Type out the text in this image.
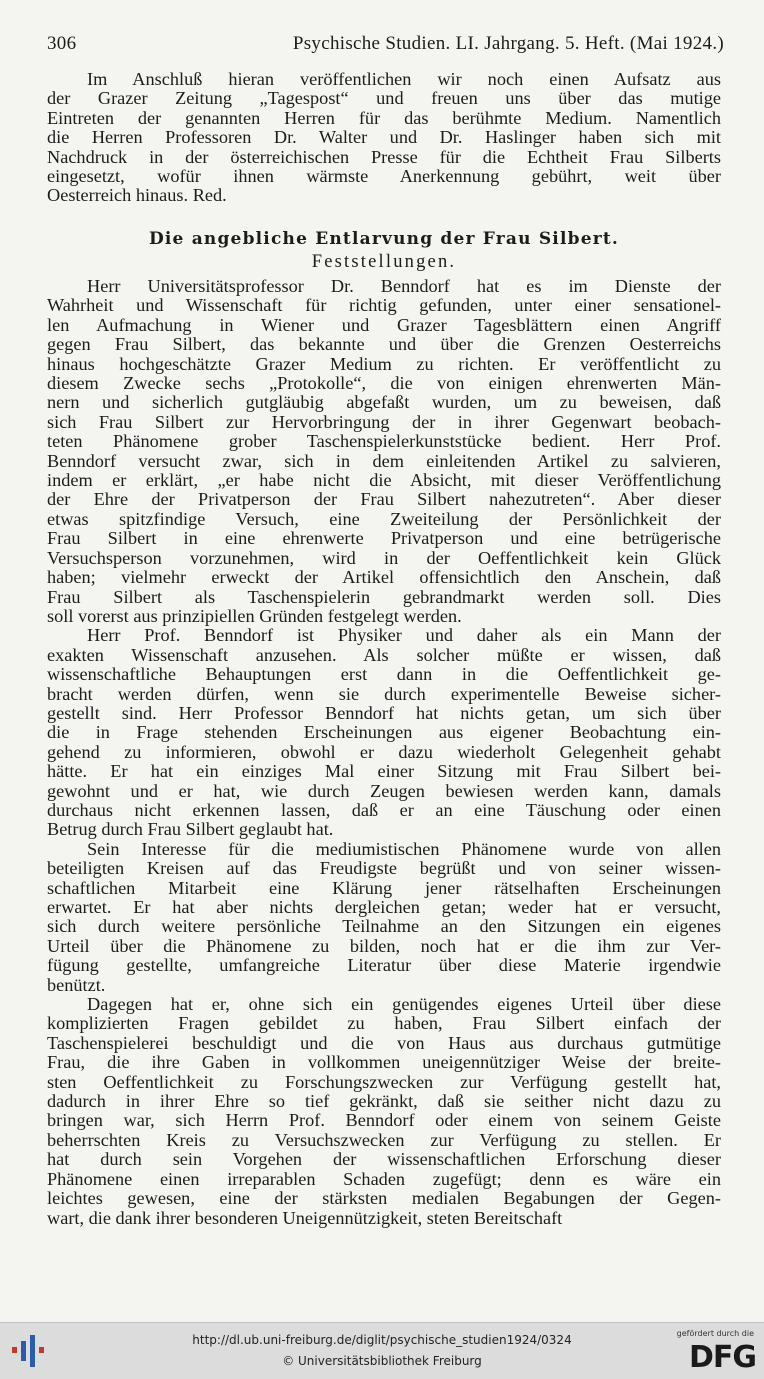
306	Psychische Studien. LI. Jahrgang. 5. Heft. (Mai 1924.)

Im Anschluß hieran veröffentlichen wir noch einen Aufsatz aus
der Grazer Zeitung „Tagespost“ und freuen uns über das mutige
Eintreten der genannten Herren für das berühmte Medium. Namentlich
die Herren Professoren Dr. Walter und Dr. Haslinger haben sich mit
Nachdruck in der österreichischen Presse für die Echtheit Frau Silberts
eingesetzt, wofür ihnen wärmste Anerkennung gebührt, weit über
Oesterreich hinaus. Red.

Die angebliche Entlarvung der Frau Silbert.
Feststellungen.

Herr Universitätsprofessor Dr. Benndorf hat es im Dienste der
Wahrheit und Wissenschaft für richtig gefunden, unter einer sensationel-
len Aufmachung in Wiener und Grazer Tagesblättern einen Angriff
gegen Frau Silbert, das bekannte und über die Grenzen Oesterreichs
hinaus hochgeschätzte Grazer Medium zu richten. Er veröffentlicht zu
diesem Zwecke sechs „Protokolle“, die von einigen ehrenwerten Män-
nern und sicherlich gutgläubig abgefaßt wurden, um zu beweisen, daß
sich Frau Silbert zur Hervorbringung der in ihrer Gegenwart beobach-
teten Phänomene grober Taschenspielerkunststücke bedient. Herr Prof.
Benndorf versucht zwar, sich in dem einleitenden Artikel zu salvieren,
indem er erklärt, „er habe nicht die Absicht, mit dieser Veröffentlichung
der Ehre der Privatperson der Frau Silbert nahezutreten“. Aber dieser
etwas spitzfindige Versuch, eine Zweiteilung der Persönlichkeit der
Frau Silbert in eine ehrenwerte Privatperson und eine betrügerische
Versuchsperson vorzunehmen, wird in der Oeffentlichkeit kein Glück
haben; vielmehr erweckt der Artikel offensichtlich den Anschein, daß
Frau Silbert als Taschenspielerin gebrandmarkt werden soll. Dies
soll vorerst aus prinzipiellen Gründen festgelegt werden.

Herr Prof. Benndorf ist Physiker und daher als ein Mann der
exakten Wissenschaft anzusehen. Als solcher müßte er wissen, daß
wissenschaftliche Behauptungen erst dann in die Oeffentlichkeit ge-
bracht werden dürfen, wenn sie durch experimentelle Beweise sicher-
gestellt sind. Herr Professor Benndorf hat nichts getan, um sich über
die in Frage stehenden Erscheinungen aus eigener Beobachtung ein-
gehend zu informieren, obwohl er dazu wiederholt Gelegenheit gehabt
hätte. Er hat ein einziges Mal einer Sitzung mit Frau Silbert bei-
gewohnt und er hat, wie durch Zeugen bewiesen werden kann, damals
durchaus nicht erkennen lassen, daß er an eine Täuschung oder einen
Betrug durch Frau Silbert geglaubt hat.

Sein Interesse für die mediumistischen Phänomene wurde von allen
beteiligten Kreisen auf das Freudigste begrüßt und von seiner wissen-
schaftlichen Mitarbeit eine Klärung jener rätselhaften Erscheinungen
erwartet. Er hat aber nichts dergleichen getan; weder hat er versucht,
sich durch weitere persönliche Teilnahme an den Sitzungen ein eigenes
Urteil über die Phänomene zu bilden, noch hat er die ihm zur Ver-
fügung gestellte, umfangreiche Literatur über diese Materie irgendwie
benützt.

Dagegen hat er, ohne sich ein genügendes eigenes Urteil über diese
komplizierten Fragen gebildet zu haben, Frau Silbert einfach der
Taschenspielerei beschuldigt und die von Haus aus durchaus gutmütige
Frau, die ihre Gaben in vollkommen uneigennütziger Weise der breite-
sten Oeffentlichkeit zu Forschungszwecken zur Verfügung gestellt hat,
dadurch in ihrer Ehre so tief gekränkt, daß sie seither nicht dazu zu
bringen war, sich Herrn Prof. Benndorf oder einem von seinem Geiste
beherrschten Kreis zu Versuchszwecken zur Verfügung zu stellen. Er
hat durch sein Vorgehen der wissenschaftlichen Erforschung dieser
Phänomene einen irreparablen Schaden zugefügt; denn es wäre ein
leichtes gewesen, eine der stärksten medialen Begabungen der Gegen-
wart, die dank ihrer besonderen Uneigennützigkeit, steten Bereitschaft

http://dl.ub.uni-freiburg.de/diglit/psychische_studien1924/0324
© Universitätsbibliothek Freiburg
gefördert durch die
DFG
